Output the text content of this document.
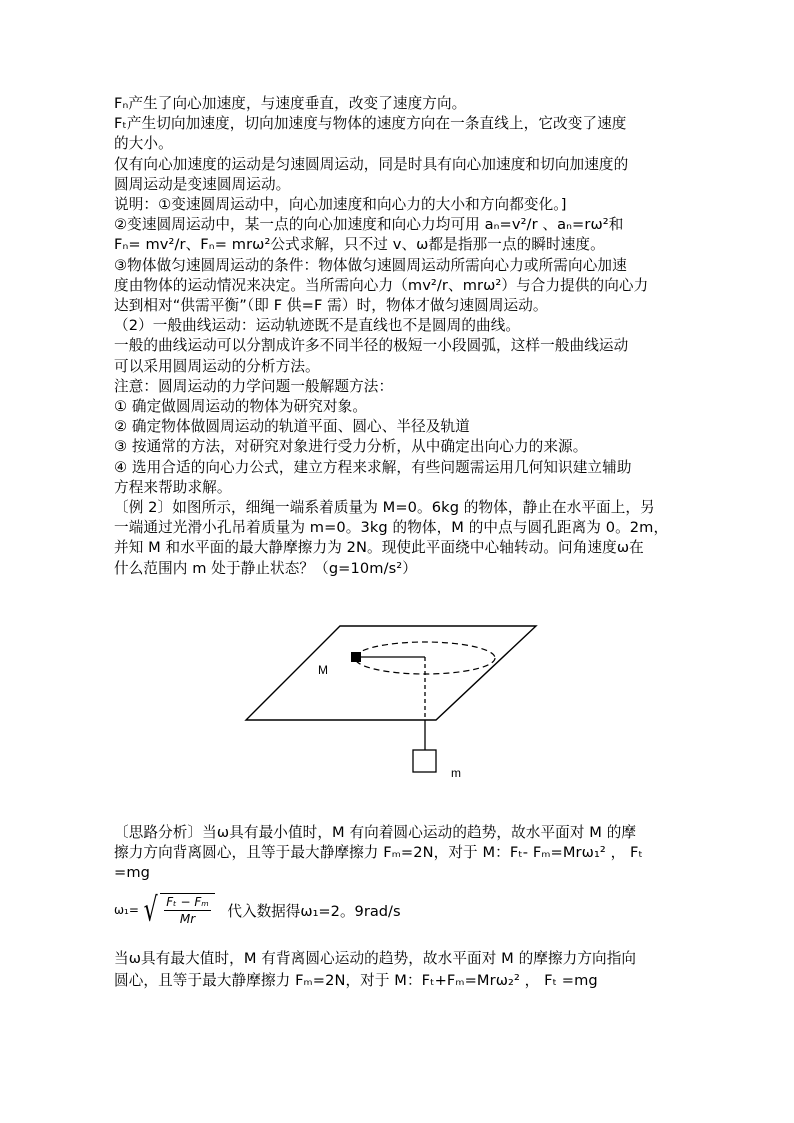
Fₙ产生了向心加速度，与速度垂直，改变了速度方向。
Fₜ产生切向加速度，切向加速度与物体的速度方向在一条直线上，它改变了速度
的大小。
仅有向心加速度的运动是匀速圆周运动，同是时具有向心加速度和切向加速度的
圆周运动是变速圆周运动。
说明：①变速圆周运动中，向心加速度和向心力的大小和方向都变化。]
②变速圆周运动中，某一点的向心加速度和向心力均可用 aₙ=v²/r 、aₙ=rω²和
Fₙ= mv²/r、Fₙ= mrω²公式求解，只不过 v、ω都是指那一点的瞬时速度。
③物体做匀速圆周运动的条件：物体做匀速圆周运动所需向心力或所需向心加速
度由物体的运动情况来决定。当所需向心力（mv²/r、mrω²）与合力提供的向心力
达到相对“供需平衡”（即 F 供=F 需）时，物体才做匀速圆周运动。
（2）一般曲线运动：运动轨迹既不是直线也不是圆周的曲线。
一般的曲线运动可以分割成许多不同半径的极短一小段圆弧，这样一般曲线运动
可以采用圆周运动的分析方法。
注意：圆周运动的力学问题一般解题方法：
① 确定做圆周运动的物体为研究对象。
② 确定物体做圆周运动的轨道平面、圆心、半径及轨道
③ 按通常的方法，对研究对象进行受力分析，从中确定出向心力的来源。
④ 选用合适的向心力公式，建立方程来求解，有些问题需运用几何知识建立辅助
方程来帮助求解。
〔例 2〕如图所示，细绳一端系着质量为 M=0。6kg 的物体，静止在水平面上，另
一端通过光滑小孔吊着质量为 m=0。3kg 的物体，M 的中点与圆孔距离为 0。2m，
并知 M 和水平面的最大静摩擦力为 2N。现使此平面绕中心轴转动。问角速度ω在
什么范围内 m 处于静止状态？（g=10m/s²）
M
m
〔思路分析〕当ω具有最小值时，M 有向着圆心运动的趋势，故水平面对 M 的摩
擦力方向背离圆心，且等于最大静摩擦力 Fₘ=2N，对于 M：Fₜ- Fₘ=Mrω₁² ， Fₜ
=mg
ω₁= √ $\frac{\text{Fₜ − Fₘ}}{Mr}$ 代入数据得ω₁=2。9rad/s
当ω具有最大值时，M 有背离圆心运动的趋势，故水平面对 M 的摩擦力方向指向
圆心，且等于最大静摩擦力 Fₘ=2N，对于 M：Fₜ+Fₘ=Mrω₂² ， Fₜ =mg
